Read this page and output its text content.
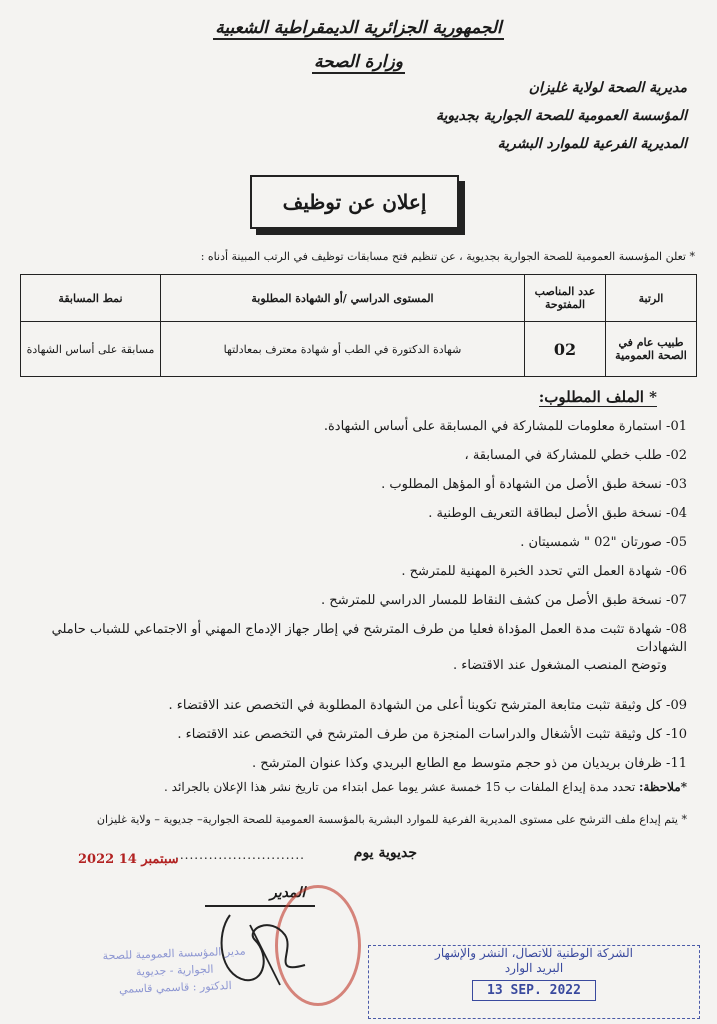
الجمهورية الجزائرية الديمقراطية الشعبية
وزارة الصحة
مديرية الصحة لولاية غليزان
المؤسسة العمومية للصحة الجوارية بجديوية
المديرية الفرعية للموارد البشرية
إعلان عن توظيف
* تعلن المؤسسة العمومية للصحة الجوارية بجديوية ، عن تنظيم فتح مسابقات توظيف في الرتب المبينة أدناه :
الرتبة	عدد المناصب المفتوحة	المستوى الدراسي /أو الشهادة المطلوبة	نمط المسابقة
طبيب عام في الصحة العمومية	02	شهادة الدكتورة في الطب أو شهادة معترف بمعادلتها	مسابقة على أساس الشهادة
* الملف المطلوب:
01- استمارة معلومات للمشاركة في المسابقة على أساس الشهادة.
02- طلب خطي للمشاركة في المسابقة ،
03- نسخة طبق الأصل من الشهادة أو المؤهل المطلوب .
04- نسخة طبق الأصل لبطاقة التعريف الوطنية .
05- صورتان "02 " شمسيتان .
06- شهادة العمل التي تحدد الخبرة المهنية للمترشح .
07- نسخة طبق الأصل من كشف النقاط للمسار الدراسي للمترشح .
08- شهادة تثبت مدة العمل المؤداة فعليا من طرف المترشح في إطار جهاز الإدماج المهني أو الاجتماعي للشباب حاملي الشهادات
09- كل وثيقة تثبت متابعة المترشح تكوينا أعلى من الشهادة المطلوبة في التخصص عند الاقتضاء .
10- كل وثيقة تثبت الأشغال والدراسات المنجزة من طرف المترشح في التخصص عند الاقتضاء .
11- ظرفان بريديان من ذو حجم متوسط مع الطابع البريدي وكذا عنوان المترشح .
وتوضح المنصب المشغول عند الاقتضاء .
*ملاحظة: تحدد مدة إيداع الملفات ب 15 خمسة عشر يوما عمل ابتداء من تاريخ نشر هذا الإعلان بالجرائد .
* يتم إيداع ملف الترشح على مستوى المديرية الفرعية للموارد البشرية بالمؤسسة العمومية للصحة الجوارية– جديوية – ولاية غليزان
جديوية يوم
...........................
2022 سبتمبر 14
المدير
مدير المؤسسة العمومية للصحة
الجوارية - جديوية
الدكتور : قاسمي قاسمي
الشركة الوطنية للاتصال، النشر والإشهار
البريد الوارد
13 SEP. 2022
